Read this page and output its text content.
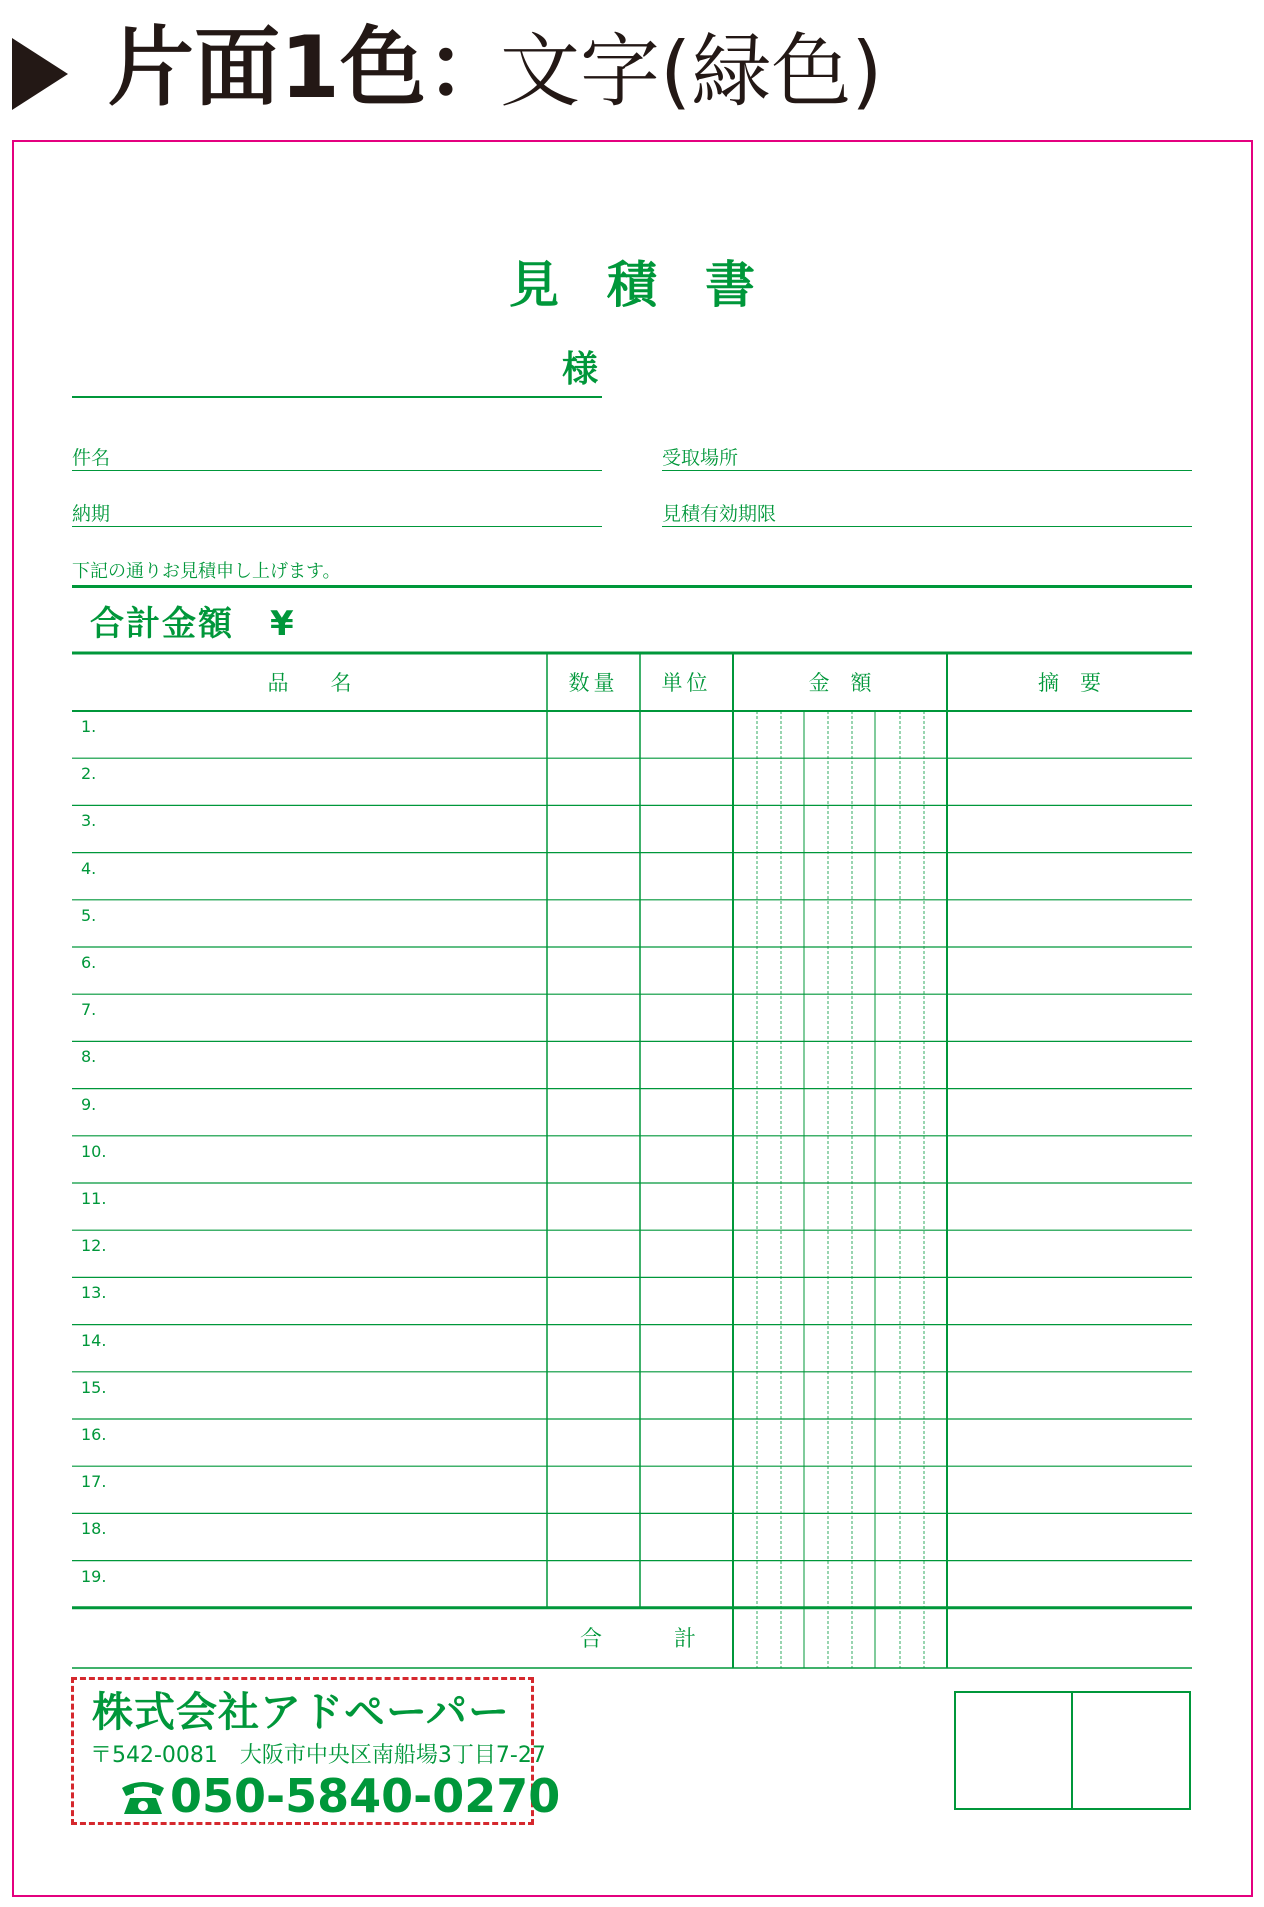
片面1色：
文字(緑色)
見積書
様
件名	受取場所
納期	見積有効期限
下記の通りお見積申し上げます。
合計金額　¥
品　　名	数量	単位	金　額	摘　要
1.
2.
3.
4.
5.
6.
7.
8.
9.
10.
11.
12.
13.
14.
15.
16.
17.
18.
19.
合	計
株式会社アドペーパー
〒542-0081　大阪市中央区南船場3丁目7-27
050-5840-0270
